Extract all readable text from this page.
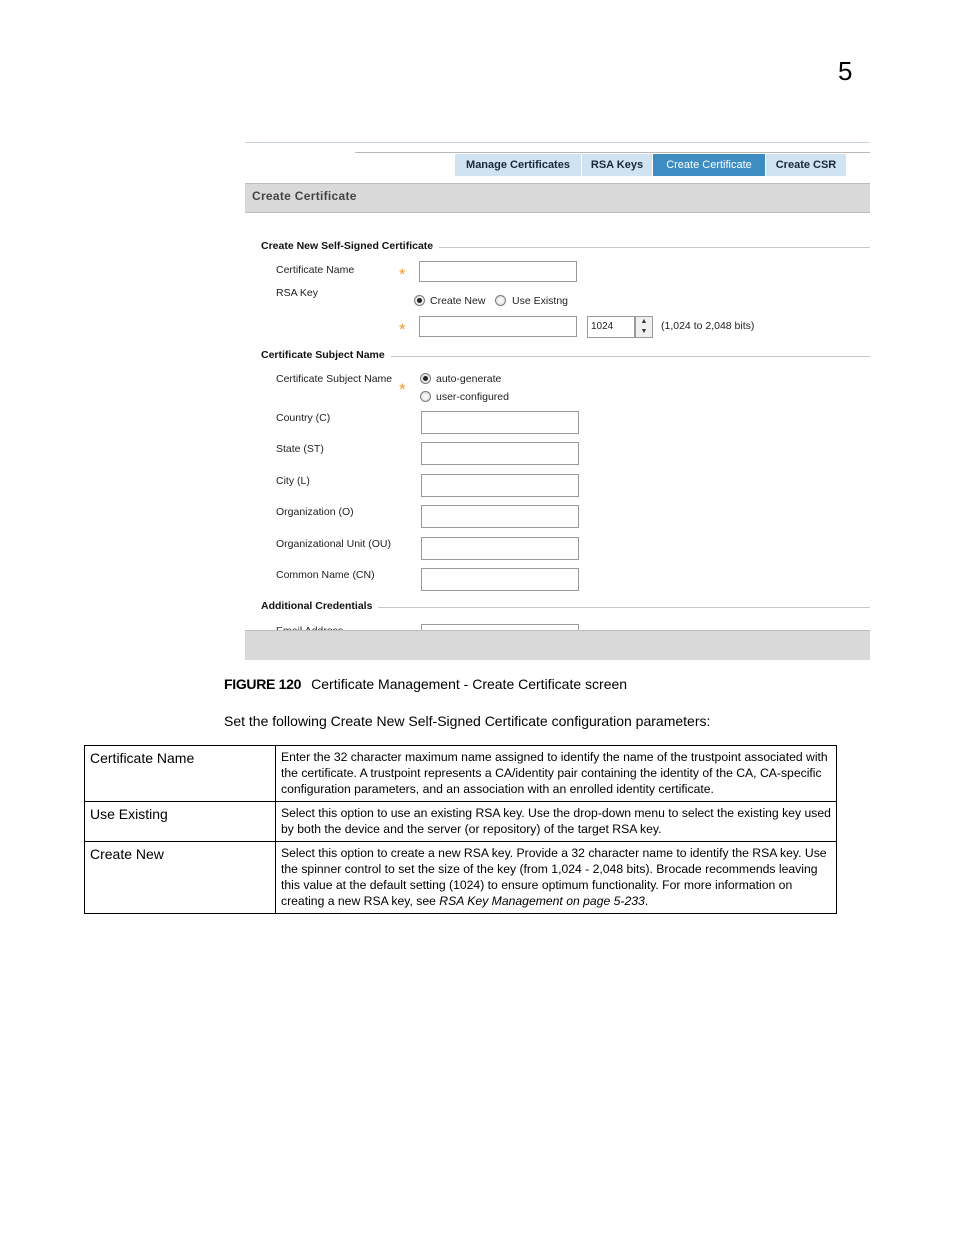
5
Manage Certificates	RSA Keys	Create Certificate	Create CSR
Create Certificate
Create New Self-Signed Certificate
Certificate Name	*
RSA Key
Create New	Use Existng
*	1024	▲
▼	(1,024 to 2,048 bits)
Certificate Subject Name
Certificate Subject Name
*
auto-generate
user-configured
Country (C)
State (ST)
City (L)
Organization (O)
Organizational Unit (OU)
Common Name (CN)
Additional Credentials
FIGURE 120 Certificate Management - Create Certificate screen
Set the following Create New Self-Signed Certificate configuration parameters:
Certificate Name	Enter the 32 character maximum name assigned to identify the name of the trustpoint associated with the certificate. A trustpoint represents a CA/identity pair containing the identity of the CA, CA-specific configuration parameters, and an association with an enrolled identity certificate.
Use Existing	Select this option to use an existing RSA key. Use the drop-down menu to select the existing key used by both the device and the server (or repository) of the target RSA key.
Create New	Select this option to create a new RSA key. Provide a 32 character name to identify the RSA key. Use the spinner control to set the size of the key (from 1,024 - 2,048 bits). Brocade recommends leaving this value at the default setting (1024) to ensure optimum functionality. For more information on creating a new RSA key, see RSA Key Management on page 5-233.
